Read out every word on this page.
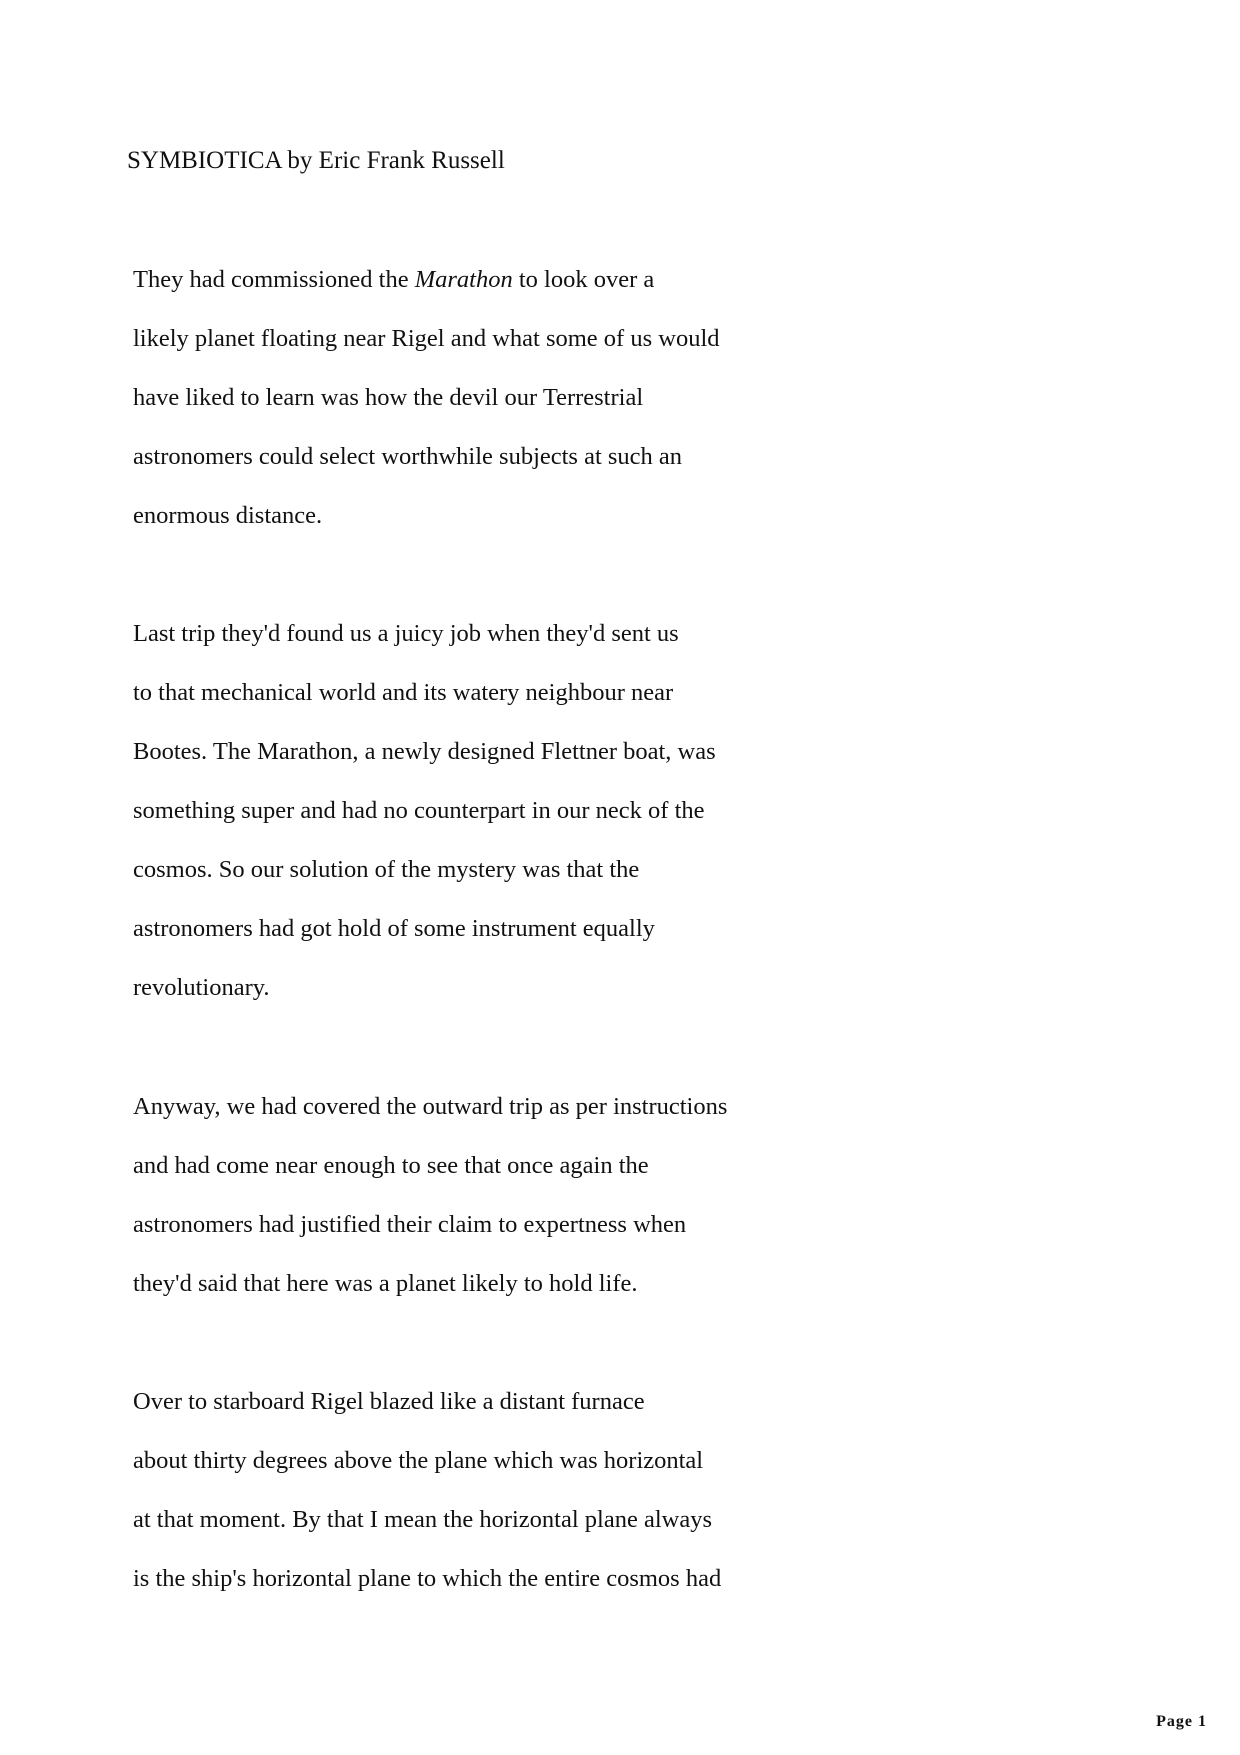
SYMBIOTICA by Eric Frank Russell
They had commissioned the Marathon to look over a
likely planet floating near Rigel and what some of us would
have liked to learn was how the devil our Terrestrial
astronomers could select worthwhile subjects at such an
enormous distance.
Last trip they'd found us a juicy job when they'd sent us
to that mechanical world and its watery neighbour near
Bootes. The Marathon, a newly designed Flettner boat, was
something super and had no counterpart in our neck of the
cosmos. So our solution of the mystery was that the
astronomers had got hold of some instrument equally
revolutionary.
Anyway, we had covered the outward trip as per instructions
and had come near enough to see that once again the
astronomers had justified their claim to expertness when
they'd said that here was a planet likely to hold life.
Over to starboard Rigel blazed like a distant furnace
about thirty degrees above the plane which was horizontal
at that moment. By that I mean the horizontal plane always
is the ship's horizontal plane to which the entire cosmos had
Page 1
